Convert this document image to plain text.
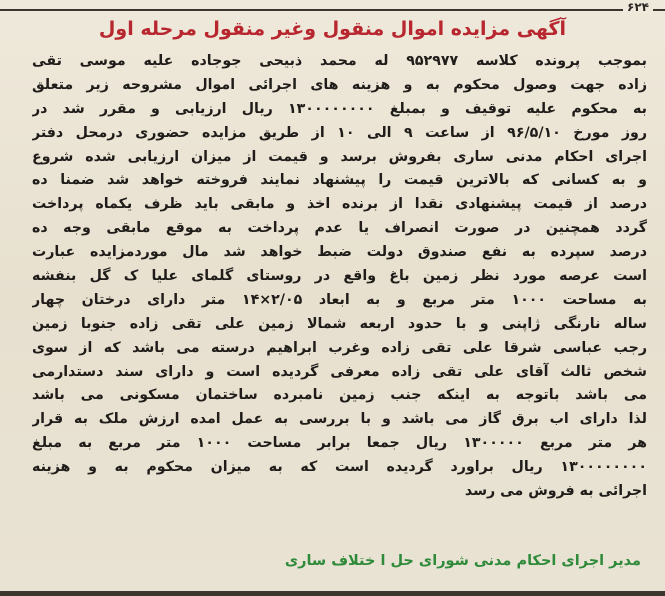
۶۲۴
آگهی مزایده اموال منقول وغیر منقول مرحله اول
بموجب پرونده کلاسه ۹۵۲۹۷۷ له محمد ذبیحی جوجاده علیه موسی تقی
زاده جهت وصول محکوم به و هزینه های اجرائی اموال مشروحه زیر متعلق
به محکوم علیه توقیف و بمبلغ ۱۳۰۰۰۰۰۰۰۰ ریال ارزیابی و مقرر شد در
روز مورخ ۹۶/۵/۱۰ از ساعت ۹ الی ۱۰ از طریق مزایده حضوری درمحل دفتر
اجرای احکام مدنی ساری بفروش برسد و قیمت از میزان ارزیابی شده شروع
و به کسانی که بالاترین قیمت را پیشنهاد نمایند فروخته خواهد شد ضمنا ده
درصد از قیمت پیشنهادی نقدا از برنده اخذ و مابقی باید ظرف یکماه پرداخت
گردد همچنین در صورت انصراف یا عدم پرداخت به موقع مابقی وجه ده
درصد سپرده به نفع صندوق دولت ضبط خواهد شد مال موردمزایده عبارت
است عرصه مورد نظر زمین باغ واقع در روستای گلمای علیا ک گل بنفشه
به مساحت ۱۰۰۰ متر مربع و به ابعاد ۲/۰۵×۱۴ متر دارای درختان چهار
ساله نارنگی ژاپنی و با حدود اربعه شمالا زمین علی تقی زاده جنوبا زمین
رجب عباسی شرقا علی تقی زاده وغرب ابراهیم درسته می باشد که از سوی
شخص ثالث آقای علی تقی زاده معرفی گردیده است و دارای سند دستدارمی
می باشد باتوجه به اینکه جنب زمین نامبرده ساختمان مسکونی می باشد
لذا دارای اب برق گاز می باشد و با بررسی به عمل امده ارزش ملک به قرار
هر متر مربع ۱۳۰۰۰۰۰ ریال جمعا برابر مساحت ۱۰۰۰ متر مربع به مبلغ
۱۳۰۰۰۰۰۰۰۰ ریال براورد گردیده است که به میزان محکوم به و هزینه
اجرائی به فروش می رسد
مدیر اجرای احکام مدنی شورای حل ا ختلاف ساری
